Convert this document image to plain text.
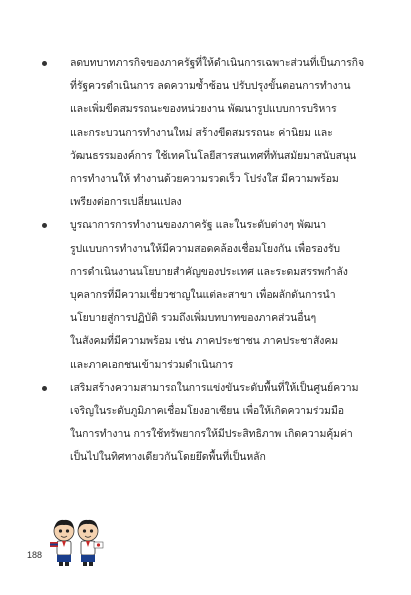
ลดบทบาทภารกิจของภาครัฐที่ให้ดำเนินการเฉพาะส่วนที่เป็นภารกิจ
ที่รัฐควรดำเนินการ ลดความซ้ำซ้อน ปรับปรุงขั้นตอนการทำงาน
และเพิ่มขีดสมรรถนะของหน่วยงาน พัฒนารูปแบบการบริหาร
และกระบวนการทำงานใหม่ สร้างขีดสมรรถนะ ค่านิยม และ
วัฒนธรรมองค์การ ใช้เทคโนโลยีสารสนเทศที่ทันสมัยมาสนับสนุน
การทำงานให้ ทำงานด้วยความรวดเร็ว โปร่งใส มีความพร้อม
เพรียงต่อการเปลี่ยนแปลง
บูรณาการการทำงานของภาครัฐ และในระดับต่างๆ พัฒนา
รูปแบบการทำงานให้มีความสอดคล้องเชื่อมโยงกัน เพื่อรองรับ
การดำเนินงานนโยบายสำคัญของประเทศ และระดมสรรพกำลัง
บุคลากรที่มีความเชี่ยวชาญในแต่ละสาขา เพื่อผลักดันการนำ
นโยบายสู่การปฏิบัติ รวมถึงเพิ่มบทบาทของภาคส่วนอื่นๆ
ในสังคมที่มีความพร้อม เช่น ภาคประชาชน ภาคประชาสังคม
และภาคเอกชนเข้ามาร่วมดำเนินการ
เสริมสร้างความสามารถในการแข่งขันระดับพื้นที่ให้เป็นศูนย์ความ
เจริญในระดับภูมิภาคเชื่อมโยงอาเซียน เพื่อให้เกิดความร่วมมือ
ในการทำงาน การใช้ทรัพยากรให้มีประสิทธิภาพ เกิดความคุ้มค่า
เป็นไปในทิศทางเดียวกันโดยยึดพื้นที่เป็นหลัก
188
